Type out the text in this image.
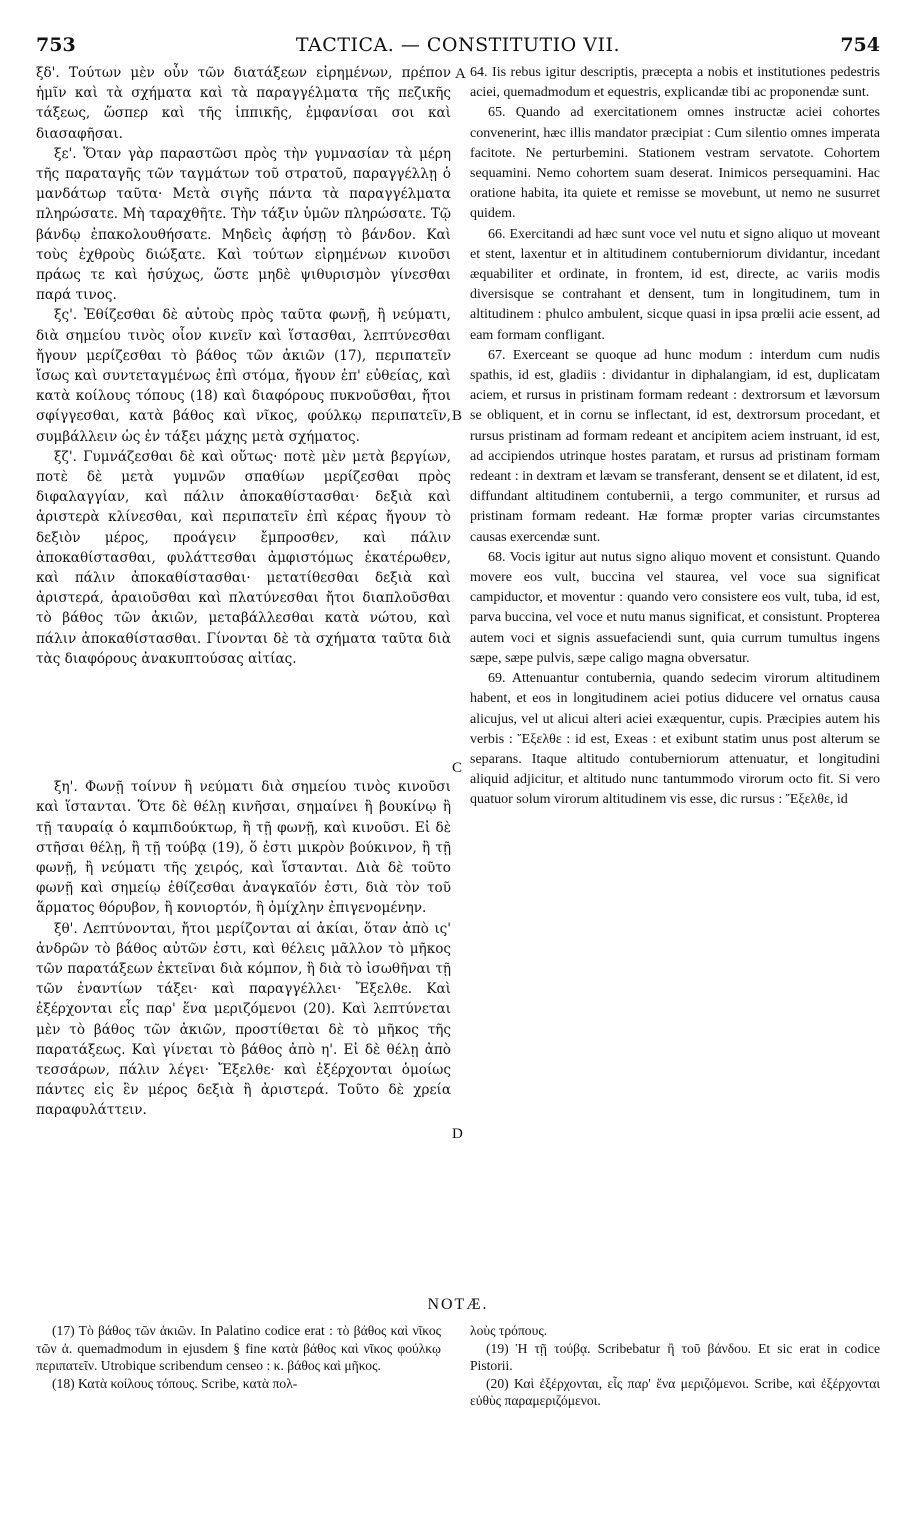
753	TACTICA. — CONSTITUTIO VII.	754
A
B
C
D

ξδ'. Τούτων μὲν οὖν τῶν διατάξεων εἰρημένων, πρέπον ἡμῖν καὶ τὰ σχήματα καὶ τὰ παραγγέλματα τῆς πεζικῆς τάξεως, ὥσπερ καὶ τῆς ἱππικῆς, ἐμφανίσαι σοι καὶ διασαφῆσαι.

ξε'. Ὅταν γὰρ παραστῶσι πρὸς τὴν γυμνασίαν τὰ μέρη τῆς παραταγῆς τῶν ταγμάτων τοῦ στρατοῦ, παραγγέλλῃ ὁ μανδάτωρ ταῦτα· Μετὰ σιγῆς πάντα τὰ παραγγέλματα πληρώσατε. Μὴ ταραχθῆτε. Τὴν τάξιν ὑμῶν πληρώσατε. Τῷ βάνδῳ ἐπακολουθήσατε. Μηδεὶς ἀφήσῃ τὸ βάνδον. Καὶ τοὺς ἐχθροὺς διώξατε. Καὶ τούτων εἰρημένων κινοῦσι πράως τε καὶ ἡσύχως, ὥστε μηδὲ ψιθυρισμὸν γίνεσθαι παρά τινος.

ξς'. Ἐθίζεσθαι δὲ αὐτοὺς πρὸς ταῦτα φωνῇ, ἢ νεύματι, διὰ σημείου τινὸς οἷον κινεῖν καὶ ἵστασθαι, λεπτύνεσθαι ἤγουν μερίζεσθαι τὸ βάθος τῶν ἀκιῶν (17), περιπατεῖν ἴσως καὶ συντεταγμένως ἐπὶ στόμα, ἤγουν ἐπ' εὐθείας, καὶ κατὰ κοίλους τόπους (18) καὶ διαφόρους πυκνοῦσθαι, ἤτοι σφίγγεσθαι, κατὰ βάθος καὶ νῖκος, φούλκῳ περιπατεῖν, συμβάλλειν ὡς ἐν τάξει μάχης μετὰ σχήματος.

ξζ'. Γυμνάζεσθαι δὲ καὶ οὕτως· ποτὲ μὲν μετὰ βεργίων, ποτὲ δὲ μετὰ γυμνῶν σπαθίων μερίζεσθαι πρὸς διφαλαγγίαν, καὶ πάλιν ἀποκαθίστασθαι· δεξιὰ καὶ ἀριστερὰ κλίνεσθαι, καὶ περιπατεῖν ἐπὶ κέρας ἤγουν τὸ δεξιὸν μέρος, προάγειν ἔμπροσθεν, καὶ πάλιν ἀποκαθίστασθαι, φυλάττεσθαι ἀμφιστόμως ἑκατέρωθεν, καὶ πάλιν ἀποκαθίστασθαι· μετατίθεσθαι δεξιὰ καὶ ἀριστερά, ἀραιοῦσθαι καὶ πλατύνεσθαι ἤτοι διαπλοῦσθαι τὸ βάθος τῶν ἀκιῶν, μεταβάλλεσθαι κατὰ νώτου, καὶ πάλιν ἀποκαθίστασθαι. Γίνονται δὲ τὰ σχήματα ταῦτα διὰ τὰς διαφόρους ἀνακυπτούσας αἰτίας.

ξη'. Φωνῇ τοίνυν ἢ νεύματι διὰ σημείου τινὸς κινοῦσι καὶ ἵστανται. Ὅτε δὲ θέλῃ κινῆσαι, σημαίνει ἢ βουκίνῳ ἢ τῇ ταυραίᾳ ὁ καμπιδούκτωρ, ἢ τῇ φωνῇ, καὶ κινοῦσι. Εἰ δὲ στῆσαι θέλῃ, ἢ τῇ τούβᾳ (19), ὅ ἐστι μικρὸν βούκινον, ἢ τῇ φωνῇ, ἢ νεύματι τῆς χειρός, καὶ ἵστανται. Διὰ δὲ τοῦτο φωνῇ καὶ σημείῳ ἐθίζεσθαι ἀναγκαῖόν ἐστι, διὰ τὸν τοῦ ἅρματος θόρυβον, ἢ κονιορτόν, ἢ ὀμίχλην ἐπιγενομένην.

ξθ'. Λεπτύνονται, ἤτοι μερίζονται αἱ ἀκίαι, ὅταν ἀπὸ ις' ἀνδρῶν τὸ βάθος αὐτῶν ἐστι, καὶ θέλεις μᾶλλον τὸ μῆκος τῶν παρατάξεων ἐκτεῖναι διὰ κόμπον, ἢ διὰ τὸ ἰσωθῆναι τῇ τῶν ἐναντίων τάξει· καὶ παραγγέλλει· Ἔξελθε. Καὶ ἐξέρχονται εἷς παρ' ἕνα μεριζόμενοι (20). Καὶ λεπτύνεται μὲν τὸ βάθος τῶν ἀκιῶν, προστίθεται δὲ τὸ μῆκος τῆς παρατάξεως. Καὶ γίνεται τὸ βάθος ἀπὸ η'. Εἰ δὲ θέλῃ ἀπὸ τεσσάρων, πάλιν λέγει· Ἔξελθε· καὶ ἐξέρχονται ὁμοίως πάντες εἰς ἓν μέρος δεξιὰ ἢ ἀριστερά. Τοῦτο δὲ χρεία παραφυλάττειν.

64. Iis rebus igitur descriptis, præcepta a nobis et institutiones pedestris aciei, quemadmodum et equestris, explicandæ tibi ac proponendæ sunt.

65. Quando ad exercitationem omnes instructæ aciei cohortes convenerint, hæc illis mandator præcipiat : Cum silentio omnes imperata facitote. Ne perturbemini. Stationem vestram servatote. Cohortem sequamini. Nemo cohortem suam deserat. Inimicos persequamini. Hac oratione habita, ita quiete et remisse se movebunt, ut nemo ne susurret quidem.

66. Exercitandi ad hæc sunt voce vel nutu et signo aliquo ut moveant et stent, laxentur et in altitudinem contuberniorum dividantur, incedant æquabiliter et ordinate, in frontem, id est, directe, ac variis modis diversisque se contrahant et densent, tum in longitudinem, tum in altitudinem : phulco ambulent, sicque quasi in ipsa prœlii acie essent, ad eam formam confligant.

67. Exerceant se quoque ad hunc modum : interdum cum nudis spathis, id est, gladiis : dividantur in diphalangiam, id est, duplicatam aciem, et rursus in pristinam formam redeant : dextrorsum et lævorsum se obliquent, et in cornu se inflectant, id est, dextrorsum procedant, et rursus pristinam ad formam redeant et ancipitem aciem instruant, id est, ad accipiendos utrinque hostes paratam, et rursus ad pristinam formam redeant : in dextram et lævam se transferant, densent se et dilatent, id est, diffundant altitudinem contubernii, a tergo communiter, et rursus ad pristinam formam redeant. Hæ formæ propter varias circumstantes causas exercendæ sunt.

68. Vocis igitur aut nutus signo aliquo movent et consistunt. Quando movere eos vult, buccina vel staurea, vel voce sua significat campiductor, et moventur : quando vero consistere eos vult, tuba, id est, parva buccina, vel voce et nutu manus significat, et consistunt. Propterea autem voci et signis assuefaciendi sunt, quia currum tumultus ingens sæpe, sæpe pulvis, sæpe caligo magna obversatur.

69. Attenuantur contubernia, quando sedecim virorum altitudinem habent, et eos in longitudinem aciei potius diducere vel ornatus causa alicujus, vel ut alicui alteri aciei exæquentur, cupis. Præcipies autem his verbis : Ἔξελθε : id est, Exeas : et exibunt statim unus post alterum se separans. Itaque altitudo contuberniorum attenuatur, et longitudini aliquid adjicitur, et altitudo nunc tantummodo virorum octo fit. Si vero quatuor solum virorum altitudinem vis esse, dic rursus : Ἔξελθε, id

NOTÆ.

(17) Τὸ βάθος τῶν ἀκιῶν. In Palatino codice erat : τὸ βάθος καὶ νῖκος τῶν ἀ. quemadmodum in ejusdem § fine κατὰ βάθος καὶ νῖκος φούλκῳ περιπατεῖν. Utrobique scribendum censeo : κ. βάθος καὶ μῆκος.

(18) Κατὰ κοίλους τόπους. Scribe, κατὰ πολ-

λοὺς τρόπους.

(19) Ἡ τῇ τούβᾳ. Scribebatur ἢ τοῦ βάνδου. Et sic erat in codice Pistorii.

(20) Καὶ ἐξέρχονται, εἷς παρ' ἕνα μεριζόμενοι. Scribe, καὶ ἐξέρχονται εὐθὺς παραμεριζόμενοι.
